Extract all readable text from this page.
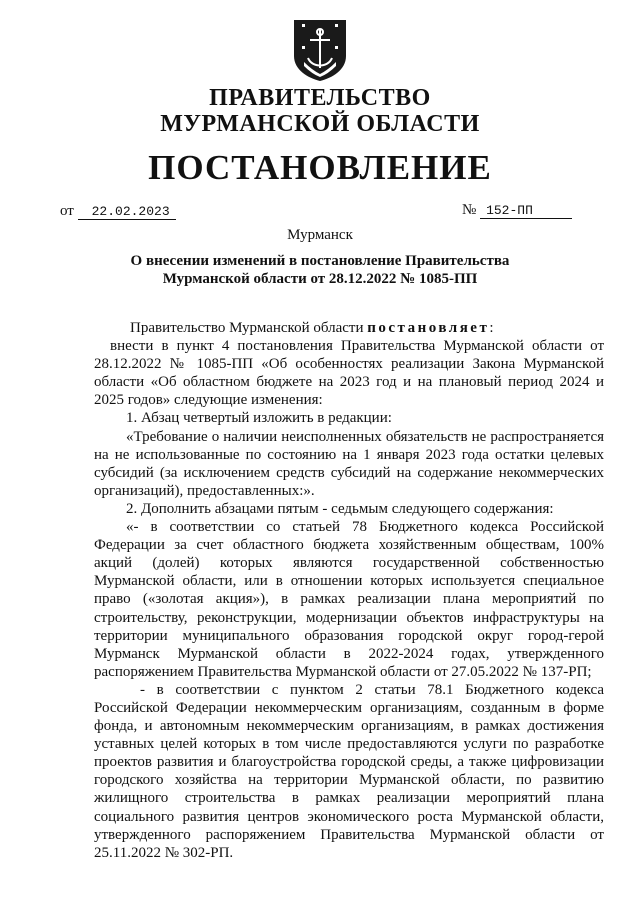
ПРАВИТЕЛЬСТВО
МУРМАНСКОЙ ОБЛАСТИ
ПОСТАНОВЛЕНИЕ
от 22.02.2023	№ 152-ПП
Мурманск
О внесении изменений в постановление Правительства
Мурманской области от 28.12.2022 № 1085-ПП

Правительство Мурманской области постановляет:

внести в пункт 4 постановления Правительства Мурманской области от 28.12.2022 № 1085-ПП «Об особенностях реализации Закона Мурманской области «Об областном бюджете на 2023 год и на плановый период 2024 и 2025 годов» следующие изменения:

1. Абзац четвертый изложить в редакции:

«Требование о наличии неисполненных обязательств не распространяется на не использованные по состоянию на 1 января 2023 года остатки целевых субсидий (за исключением средств субсидий на содержание некоммерческих организаций), предоставленных:».

2. Дополнить абзацами пятым - седьмым следующего содержания:

«- в соответствии со статьей 78 Бюджетного кодекса Российской Федерации за счет областного бюджета хозяйственным обществам, 100% акций (долей) которых являются государственной собственностью Мурманской области, или в отношении которых используется специальное право («золотая акция»), в рамках реализации плана мероприятий по строительству, реконструкции, модернизации объектов инфраструктуры на территории муниципального образования городской округ город-герой Мурманск Мурманской области в 2022-2024 годах, утвержденного распоряжением Правительства Мурманской области от 27.05.2022 № 137-РП;

- в соответствии с пунктом 2 статьи 78.1 Бюджетного кодекса Российской Федерации некоммерческим организациям, созданным в форме фонда, и автономным некоммерческим организациям, в рамках достижения уставных целей которых в том числе предоставляются услуги по разработке проектов развития и благоустройства городской среды, а также цифровизации городского хозяйства на территории Мурманской области, по развитию жилищного строительства в рамках реализации мероприятий плана социального развития центров экономического роста Мурманской области, утвержденного распоряжением Правительства Мурманской области от 25.11.2022 № 302-РП.
